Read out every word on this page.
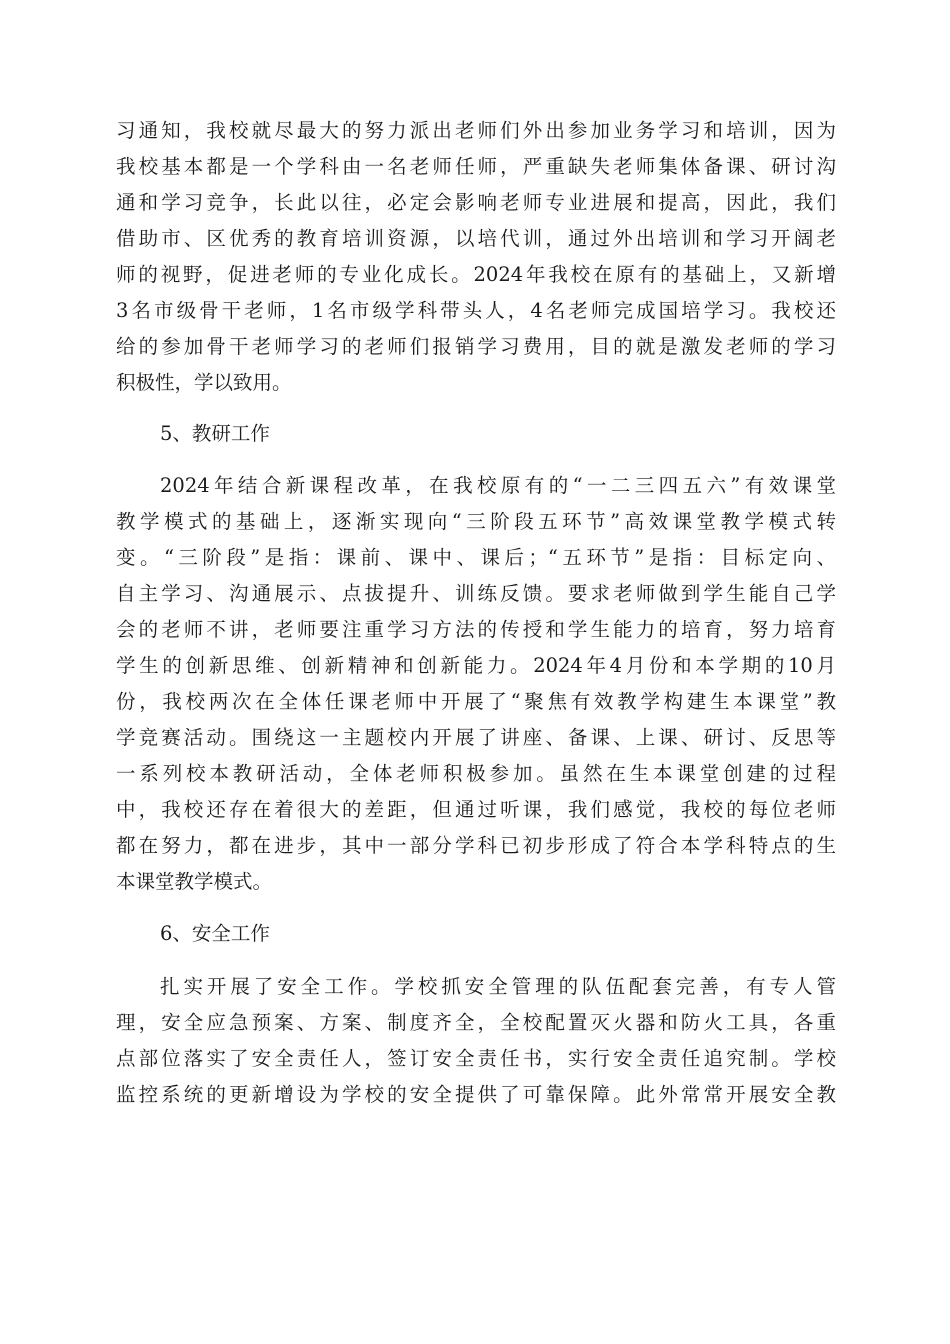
习通知，我校就尽最大的努力派出老师们外出参加业务学习和培训，因为
我校基本都是一个学科由一名老师任师，严重缺失老师集体备课、研讨沟
通和学习竞争，长此以往，必定会影响老师专业进展和提高，因此，我们
借助市、区优秀的教育培训资源，以培代训，通过外出培训和学习开阔老
师的视野，促进老师的专业化成长。2024年我校在原有的基础上，又新增
3名市级骨干老师，1名市级学科带头人，4名老师完成国培学习。我校还
给的参加骨干老师学习的老师们报销学习费用，目的就是激发老师的学习
积极性，学以致用。
5、教研工作
2024年结合新课程改革，在我校原有的“一二三四五六”有效课堂
教学模式的基础上，逐渐实现向“三阶段五环节”高效课堂教学模式转
变。“三阶段”是指：课前、课中、课后；“五环节”是指：目标定向、
自主学习、沟通展示、点拔提升、训练反馈。要求老师做到学生能自己学
会的老师不讲，老师要注重学习方法的传授和学生能力的培育，努力培育
学生的创新思维、创新精神和创新能力。2024年4月份和本学期的10月
份，我校两次在全体任课老师中开展了“聚焦有效教学构建生本课堂”教
学竞赛活动。围绕这一主题校内开展了讲座、备课、上课、研讨、反思等
一系列校本教研活动，全体老师积极参加。虽然在生本课堂创建的过程
中，我校还存在着很大的差距，但通过听课，我们感觉，我校的每位老师
都在努力，都在进步，其中一部分学科已初步形成了符合本学科特点的生
本课堂教学模式。
6、安全工作
扎实开展了安全工作。学校抓安全管理的队伍配套完善，有专人管
理，安全应急预案、方案、制度齐全，全校配置灭火器和防火工具，各重
点部位落实了安全责任人，签订安全责任书，实行安全责任追究制。学校
监控系统的更新增设为学校的安全提供了可靠保障。此外常常开展安全教
